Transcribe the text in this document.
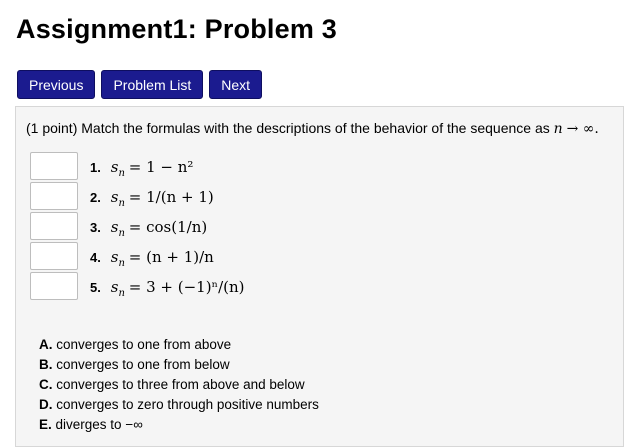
Assignment1: Problem 3
Previous	Problem List	Next
(1 point) Match the formulas with the descriptions of the behavior of the sequence as n → ∞.
1. $s_n = 1 - n^2$
2. $s_n = 1/(n + 1)$
3. $s_n = \cos(1/n)$
4. $s_n = (n + 1)/n$
5. $s_n = 3 + (-1)^n/(n)$
A. converges to one from above
B. converges to one from below
C. converges to three from above and below
D. converges to zero through positive numbers
E. diverges to −∞
